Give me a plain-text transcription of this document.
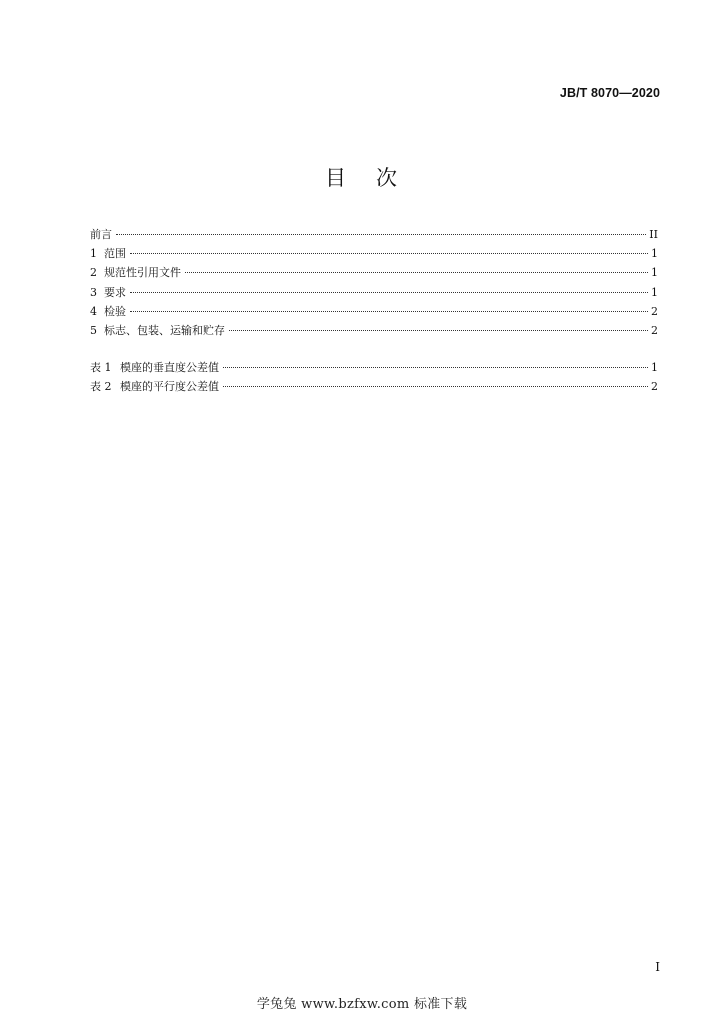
JB/T 8070—2020
目 次
前言	II
1 范围	1
2 规范性引用文件	1
3 要求	1
4 检验	2
5 标志、包装、运输和贮存	2
表 1 模座的垂直度公差值	1
表 2 模座的平行度公差值	2
I
学兔兔 www.bzfxw.com 标准下载
